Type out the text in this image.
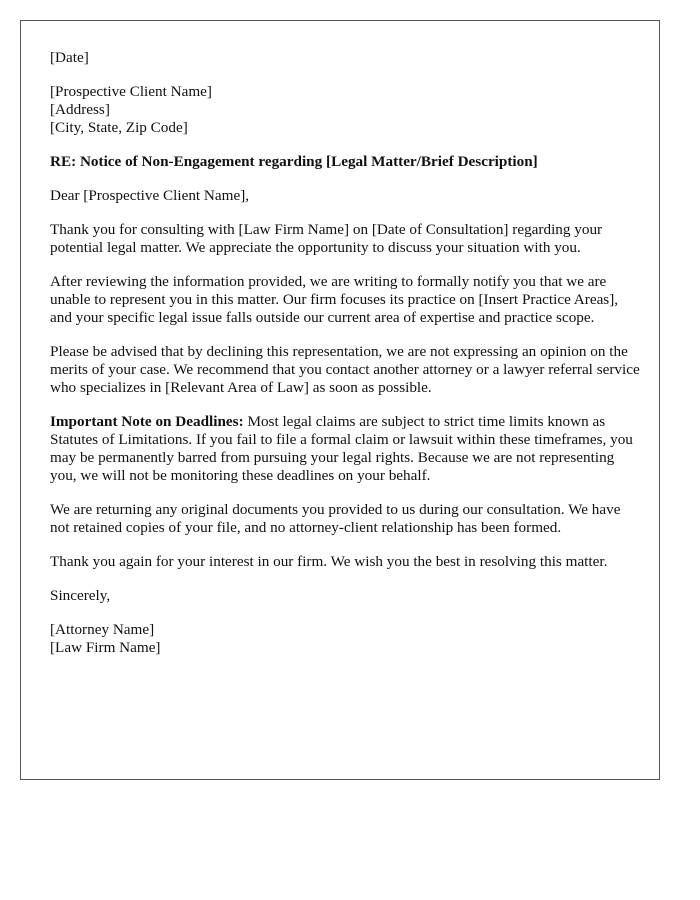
[Date]
[Prospective Client Name]
[Address]
[City, State, Zip Code]
RE: Notice of Non-Engagement regarding [Legal Matter/Brief Description]
Dear [Prospective Client Name],

Thank you for consulting with [Law Firm Name] on [Date of Consultation] regarding your potential legal matter. We appreciate the opportunity to discuss your situation with you.

After reviewing the information provided, we are writing to formally notify you that we are unable to represent you in this matter. Our firm focuses its practice on [Insert Practice Areas], and your specific legal issue falls outside our current area of expertise and practice scope.

Please be advised that by declining this representation, we are not expressing an opinion on the merits of your case. We recommend that you contact another attorney or a lawyer referral service who specializes in [Relevant Area of Law] as soon as possible.

Important Note on Deadlines: Most legal claims are subject to strict time limits known as Statutes of Limitations. If you fail to file a formal claim or lawsuit within these timeframes, you may be permanently barred from pursuing your legal rights. Because we are not representing you, we will not be monitoring these deadlines on your behalf.

We are returning any original documents you provided to us during our consultation. We have not retained copies of your file, and no attorney-client relationship has been formed.

Thank you again for your interest in our firm. We wish you the best in resolving this matter.

Sincerely,
[Attorney Name]
[Law Firm Name]
